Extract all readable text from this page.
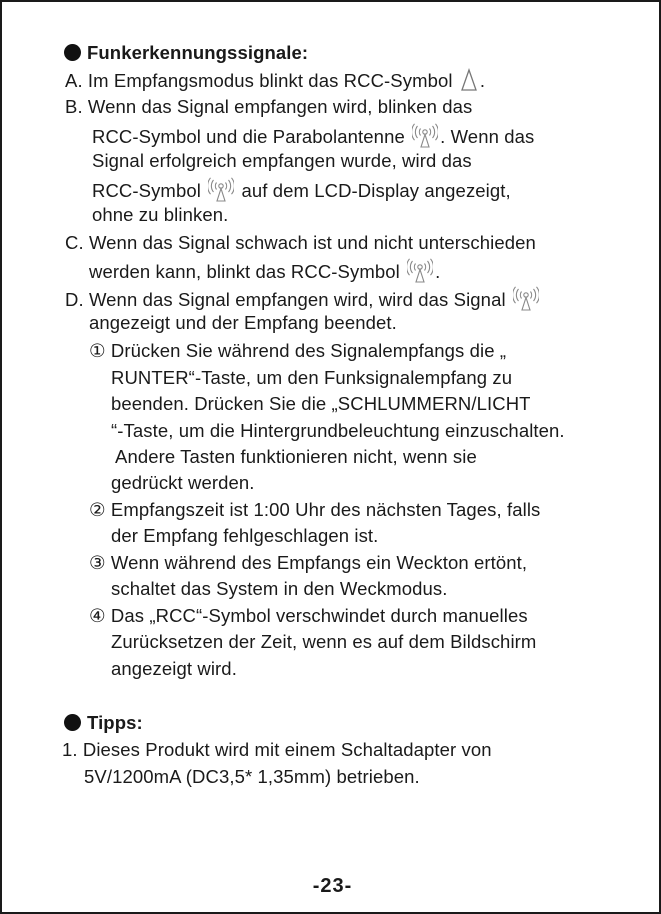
Funkerkennungssignale:
A. Im Empfangsmodus blinkt das RCC-Symbol .
B. Wenn das Signal empfangen wird, blinken das
RCC-Symbol und die Parabolantenne . Wenn das
Signal erfolgreich empfangen wurde, wird das
RCC-Symbol auf dem LCD-Display angezeigt,
ohne zu blinken.
C. Wenn das Signal schwach ist und nicht unterschieden
werden kann, blinkt das RCC-Symbol .
D. Wenn das Signal empfangen wird, wird das Signal
angezeigt und der Empfang beendet.
① Drücken Sie während des Signalempfangs die „
RUNTER“-Taste, um den Funksignalempfang zu
beenden. Drücken Sie die „SCHLUMMERN/LICHT
“-Taste, um die Hintergrundbeleuchtung einzuschalten.
Andere Tasten funktionieren nicht, wenn sie
gedrückt werden.
② Empfangszeit ist 1:00 Uhr des nächsten Tages, falls
der Empfang fehlgeschlagen ist.
③ Wenn während des Empfangs ein Weckton ertönt,
schaltet das System in den Weckmodus.
④ Das „RCC“-Symbol verschwindet durch manuelles
Zurücksetzen der Zeit, wenn es auf dem Bildschirm
angezeigt wird.
Tipps:
1. Dieses Produkt wird mit einem Schaltadapter von
5V/1200mA (DC3,5* 1,35mm) betrieben.
-23-
